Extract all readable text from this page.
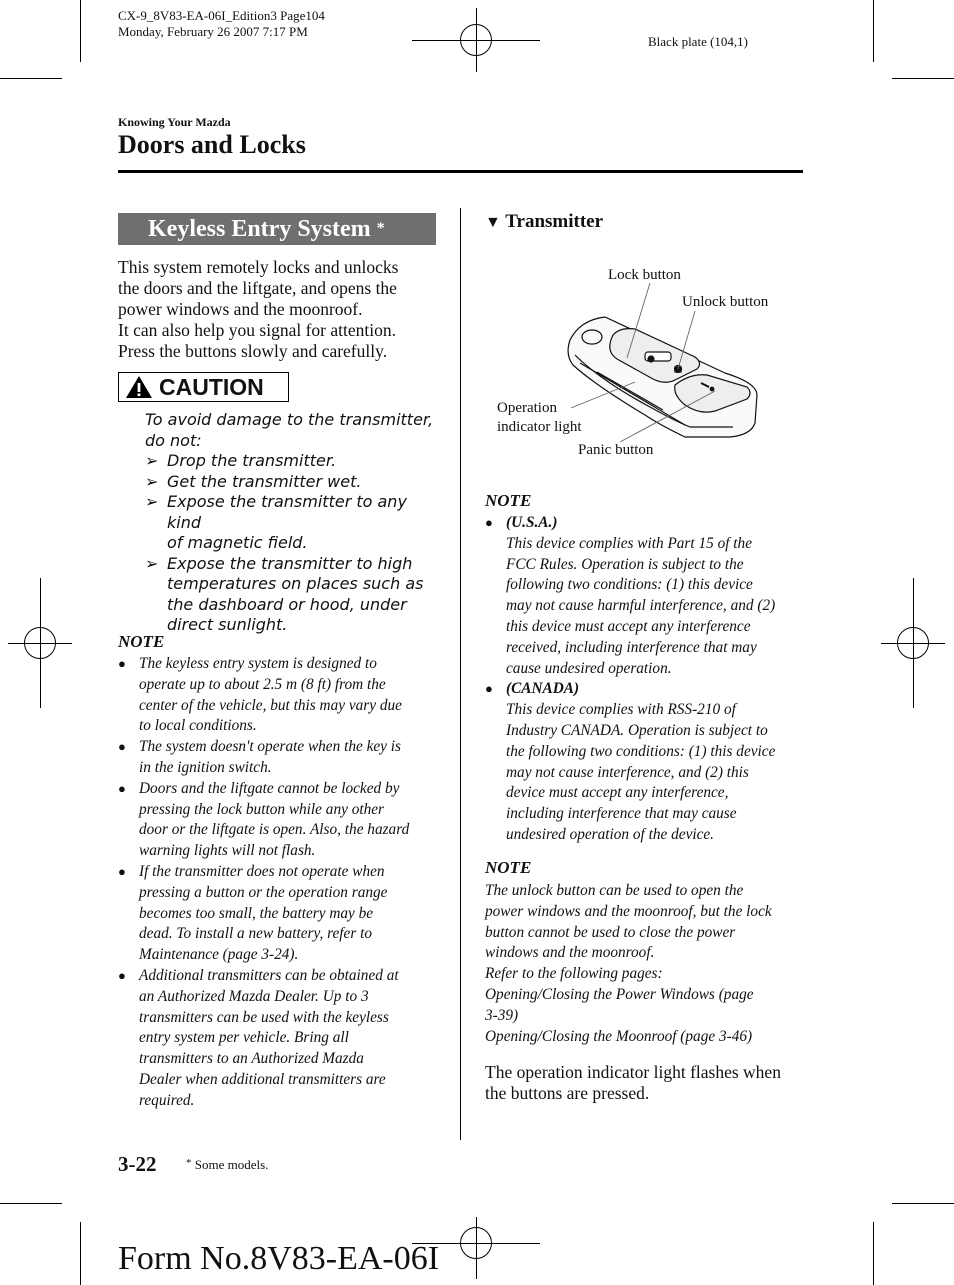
CX-9_8V83-EA-06I_Edition3 Page104
Monday, February 26 2007 7:17 PM
Black plate (104,1)
Knowing Your Mazda
Doors and Locks
Keyless Entry System *
This system remotely locks and unlocks
the doors and the liftgate, and opens the
power windows and the moonroof.
It can also help you signal for attention.
Press the buttons slowly and carefully.
CAUTION
To avoid damage to the transmitter,
do not:
➢ Drop the transmitter.
➢ Get the transmitter wet.
➢ Expose the transmitter to any kind
of magnetic field.
➢ Expose the transmitter to high
temperatures on places such as
the dashboard or hood, under
direct sunlight.
NOTE
● The keyless entry system is designed to
operate up to about 2.5 m (8 ft) from the
center of the vehicle, but this may vary due
to local conditions.
● The system doesn't operate when the key is
in the ignition switch.
● Doors and the liftgate cannot be locked by
pressing the lock button while any other
door or the liftgate is open. Also, the hazard
warning lights will not flash.
● If the transmitter does not operate when
pressing a button or the operation range
becomes too small, the battery may be
dead. To install a new battery, refer to
Maintenance (page 3-24).
● Additional transmitters can be obtained at
an Authorized Mazda Dealer. Up to 3
transmitters can be used with the keyless
entry system per vehicle. Bring all
transmitters to an Authorized Mazda
Dealer when additional transmitters are
required.
▼ Transmitter
Lock button
Unlock button
Operation
indicator light
Panic button
NOTE
● (U.S.A.)
This device complies with Part 15 of the
FCC Rules. Operation is subject to the
following two conditions: (1) this device
may not cause harmful interference, and (2)
this device must accept any interference
received, including interference that may
cause undesired operation.
● (CANADA)
This device complies with RSS-210 of
Industry CANADA. Operation is subject to
the following two conditions: (1) this device
may not cause interference, and (2) this
device must accept any interference,
including interference that may cause
undesired operation of the device.
NOTE
The unlock button can be used to open the
power windows and the moonroof, but the lock
button cannot be used to close the power
windows and the moonroof.
Refer to the following pages:
Opening/Closing the Power Windows (page
3-39)
Opening/Closing the Moonroof (page 3-46)
The operation indicator light flashes when
the buttons are pressed.
3-22	* Some models.
Form No.8V83-EA-06I
